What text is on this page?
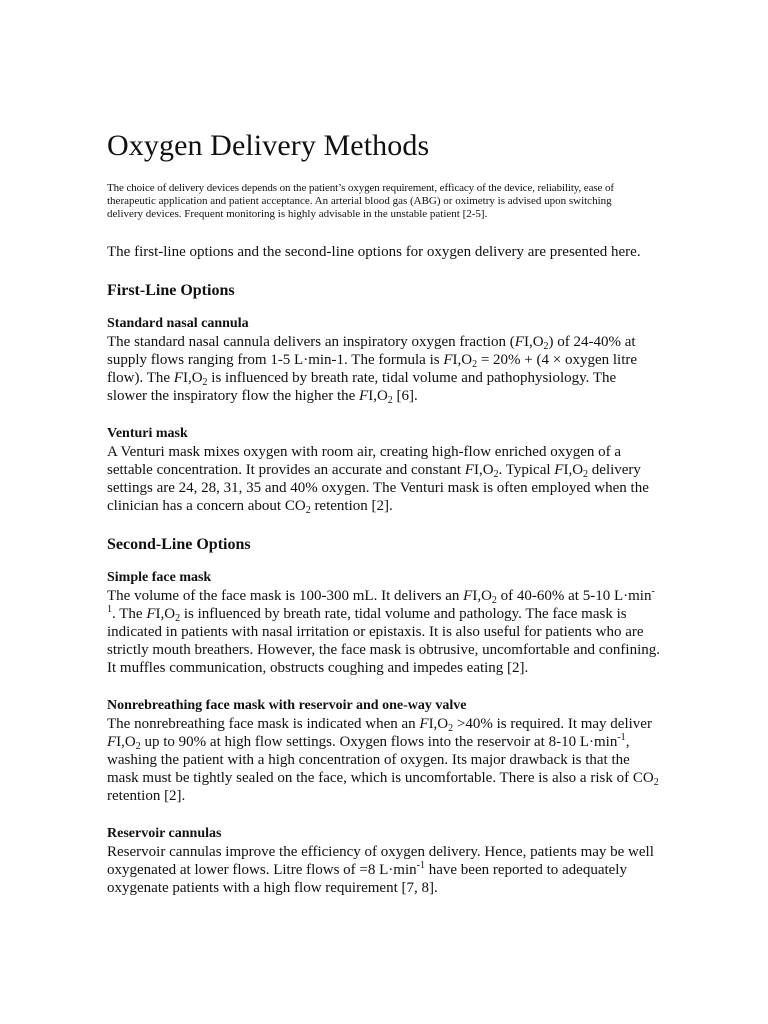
Oxygen Delivery Methods
The choice of delivery devices depends on the patient’s oxygen requirement, efficacy of the device, reliability, ease of
therapeutic application and patient acceptance. An arterial blood gas (ABG) or oximetry is advised upon switching
delivery devices. Frequent monitoring is highly advisable in the unstable patient [2-5].

The first-line options and the second-line options for oxygen delivery are presented here.

First-Line Options
Standard nasal cannula

The standard nasal cannula delivers an inspiratory oxygen fraction $(FI,O_2)$ of 24-40% at
supply flows ranging from 1-5 L·min-1. The formula is $FI,O_2 = 20\% + (4$ × oxygen litre
flow). The $FI,O_2$ is influenced by breath rate, tidal volume and pathophysiology. The
slower the inspiratory flow the higher the $FI,O_2$ [6].

Venturi mask

A Venturi mask mixes oxygen with room air, creating high-flow enriched oxygen of a
settable concentration. It provides an accurate and constant $FI,O_2$. Typical $FI,O_2$ delivery
settings are 24, 28, 31, 35 and 40% oxygen. The Venturi mask is often employed when the
clinician has a concern about $CO_2$ retention [2].

Second-Line Options
Simple face mask

The volume of the face mask is 100-300 mL. It delivers an $FI,O_2$ of 40-60% at 5-10 L·min-
$^1$. The $FI,O_2$ is influenced by breath rate, tidal volume and pathology. The face mask is
indicated in patients with nasal irritation or epistaxis. It is also useful for patients who are
strictly mouth breathers. However, the face mask is obtrusive, uncomfortable and confining.
It muffles communication, obstructs coughing and impedes eating [2].

Nonrebreathing face mask with reservoir and one-way valve

The nonrebreathing face mask is indicated when an $FI,O_2 >40\%$ is required. It may deliver
$FI,O_2$ up to 90% at high flow settings. Oxygen flows into the reservoir at 8-10 $L\cdot\min^{-1}$,
washing the patient with a high concentration of oxygen. Its major drawback is that the
mask must be tightly sealed on the face, which is uncomfortable. There is also a risk of $CO_2$
retention [2].

Reservoir cannulas

Reservoir cannulas improve the efficiency of oxygen delivery. Hence, patients may be well
oxygenated at lower flows. Litre flows of =8 $L\cdot\min^{-1}$ have been reported to adequately
oxygenate patients with a high flow requirement [7, 8].
